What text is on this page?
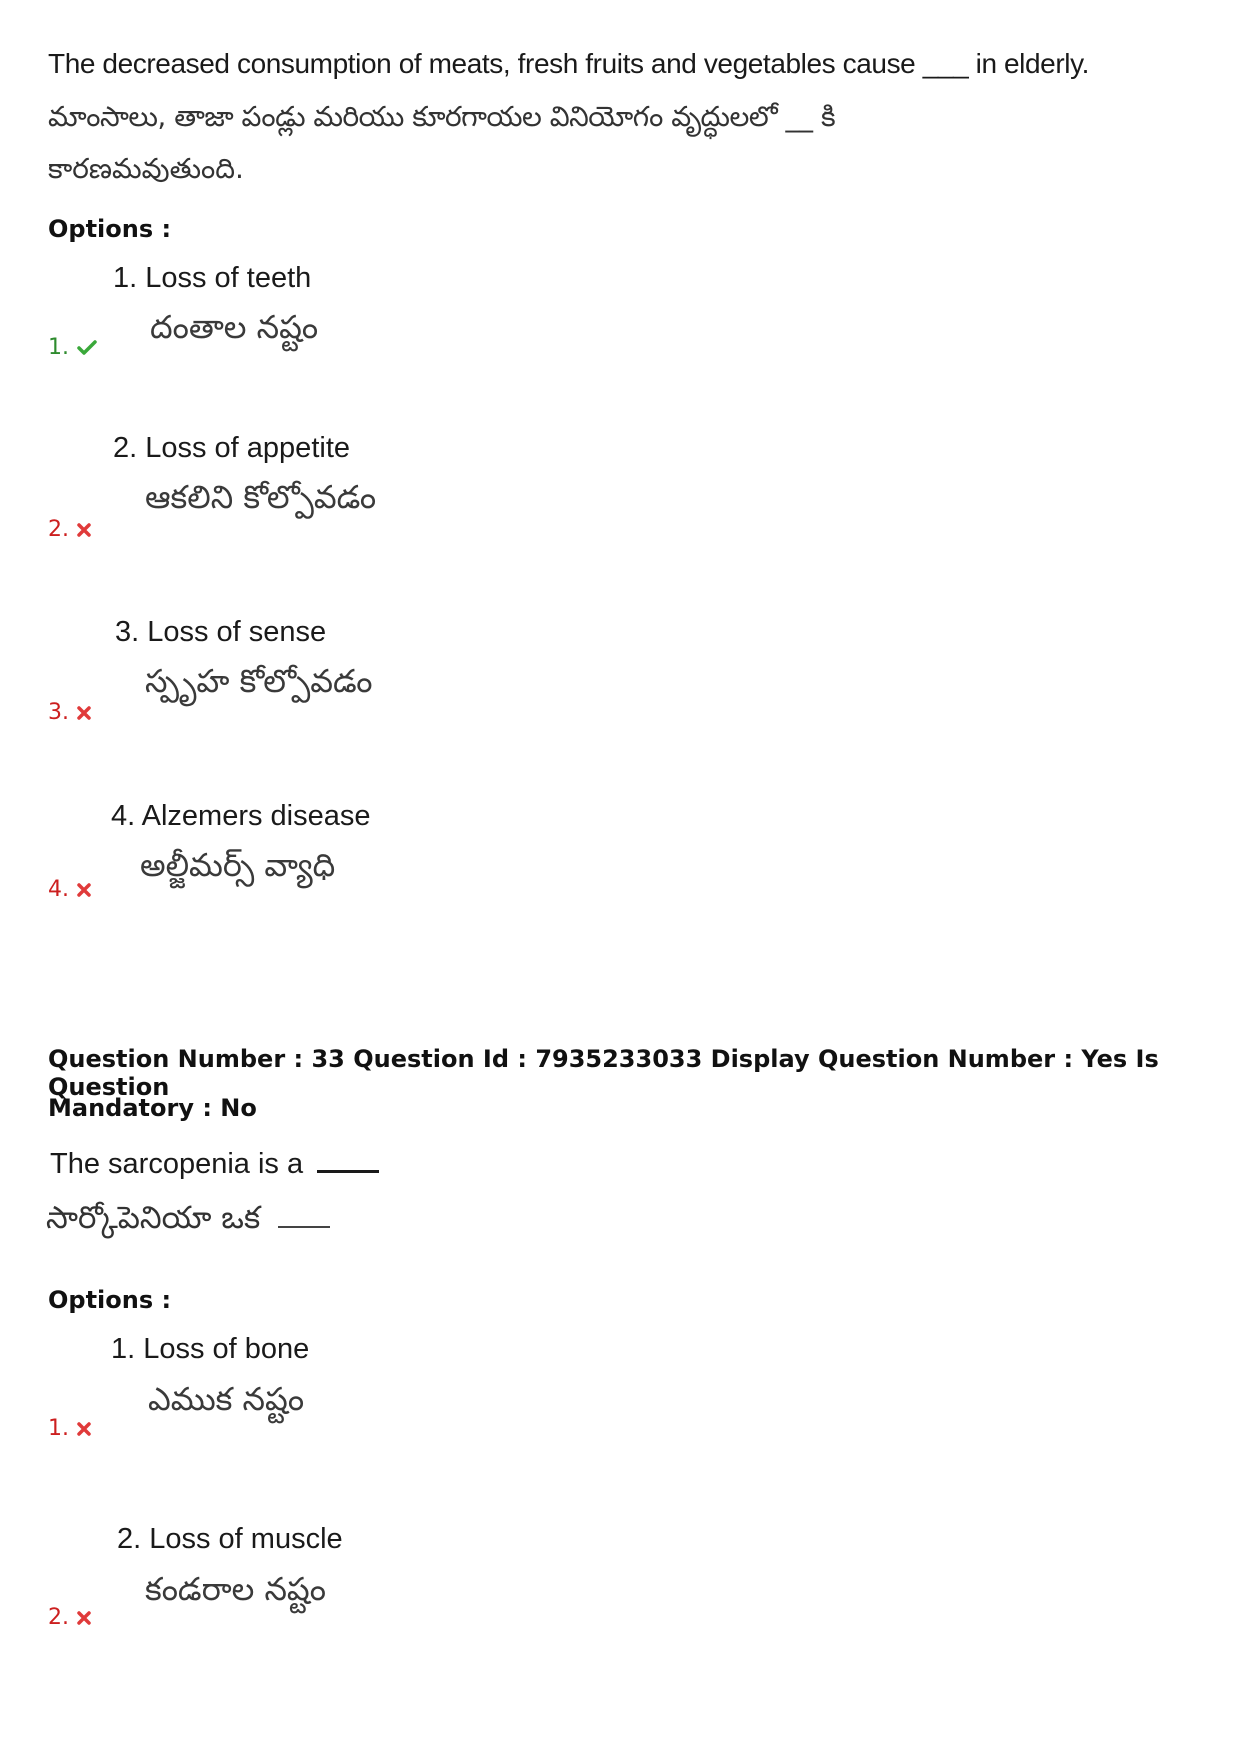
The decreased consumption of meats, fresh fruits and vegetables cause ___ in elderly.
మాంసాలు, తాజా పండ్లు మరియు కూరగాయల వినియోగం వృద్ధులలో __ కి
కారణమవుతుంది.
Options :
1. Loss of teeth
దంతాల నష్టం
1.
2. Loss of appetite
ఆకలిని కోల్పోవడం
2.
3. Loss of sense
స్పృహ కోల్పోవడం
3.
4. Alzemers disease
అల్జీమర్స్ వ్యాధి
4.
Question Number : 33 Question Id : 7935233033 Display Question Number : Yes Is Question
Mandatory : No
The sarcopenia is a
సార్కోపెనియా ఒక
Options :
1. Loss of bone
ఎముక నష్టం
1.
2. Loss of muscle
కండరాల నష్టం
2.
